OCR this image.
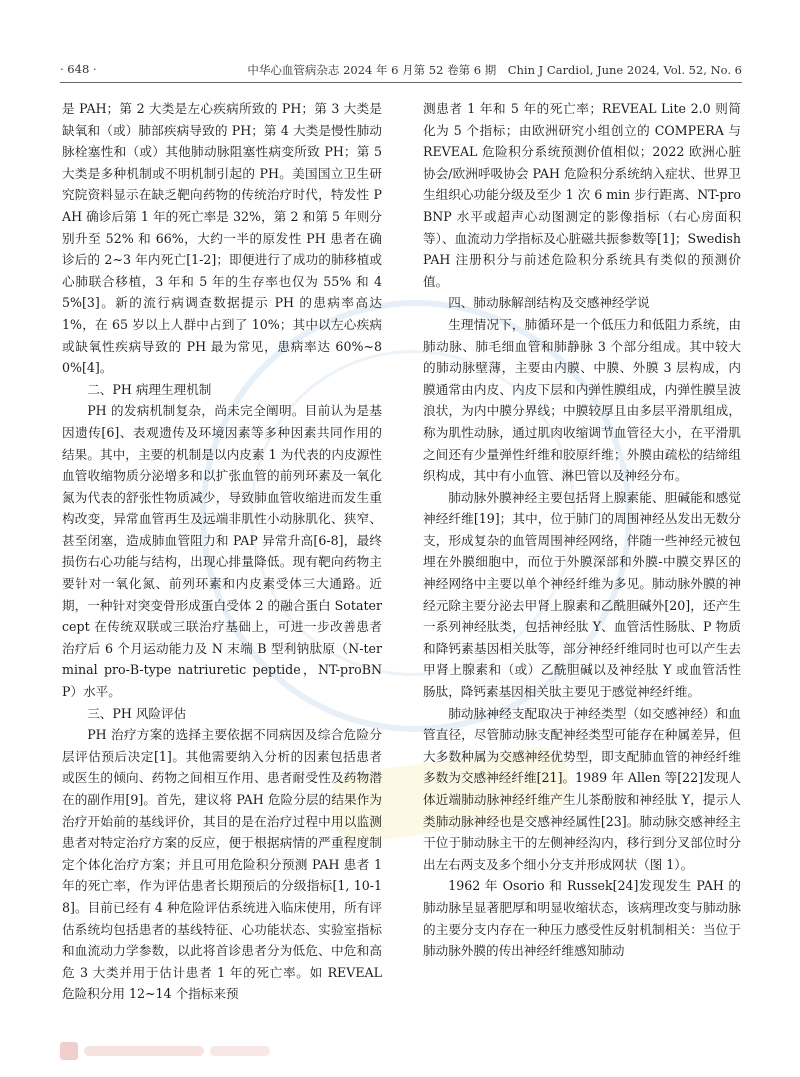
· 648 ·	中华心血管病杂志 2024 年 6 月第 52 卷第 6 期　Chin J Cardiol, June 2024, Vol. 52, No. 6

是 PAH；第 2 大类是左心疾病所致的 PH；第 3 大类是缺氧和（或）肺部疾病导致的 PH；第 4 大类是慢性肺动脉栓塞性和（或）其他肺动脉阻塞性病变所致 PH；第 5 大类是多种机制或不明机制引起的 PH。美国国立卫生研究院资料显示在缺乏靶向药物的传统治疗时代，特发性 PAH 确诊后第 1 年的死亡率是 32%，第 2 和第 5 年则分别升至 52% 和 66%，大约一半的原发性 PH 患者在确诊后的 2~3 年内死亡[1-2]；即便进行了成功的肺移植或心肺联合移植，3 年和 5 年的生存率也仅为 55% 和 45%[3]。新的流行病调查数据提示 PH 的患病率高达 1%，在 65 岁以上人群中占到了 10%；其中以左心疾病或缺氧性疾病导致的 PH 最为常见，患病率达 60%~80%[4]。

二、PH 病理生理机制

PH 的发病机制复杂，尚未完全阐明。目前认为是基因遗传[6]、表观遗传及环境因素等多种因素共同作用的结果。其中，主要的机制是以内皮素 1 为代表的内皮源性血管收缩物质分泌增多和以扩张血管的前列环素及一氧化氮为代表的舒张性物质减少，导致肺血管收缩进而发生重构改变，异常血管再生及远端非肌性小动脉肌化、狭窄、甚至闭塞，造成肺血管阻力和 PAP 异常升高[6-8]，最终损伤右心功能与结构，出现心排量降低。现有靶向药物主要针对一氧化氮、前列环素和内皮素受体三大通路。近期，一种针对突变骨形成蛋白受体 2 的融合蛋白 Sotatercept 在传统双联或三联治疗基础上，可进一步改善患者治疗后 6 个月运动能力及 N 末端 B 型利钠肽原（N-terminal pro-B-type natriuretic peptide，NT-proBNP）水平。

三、PH 风险评估

PH 治疗方案的选择主要依据不同病因及综合危险分层评估预后决定[1]。其他需要纳入分析的因素包括患者或医生的倾向、药物之间相互作用、患者耐受性及药物潜在的副作用[9]。首先，建议将 PAH 危险分层的结果作为治疗开始前的基线评价，其目的是在治疗过程中用以监测患者对特定治疗方案的反应，便于根据病情的严重程度制定个体化治疗方案；并且可用危险积分预测 PAH 患者 1 年的死亡率，作为评估患者长期预后的分级指标[1, 10-18]。目前已经有 4 种危险评估系统进入临床使用，所有评估系统均包括患者的基线特征、心功能状态、实验室指标和血流动力学参数，以此将首诊患者分为低危、中危和高危 3 大类并用于估计患者 1 年的死亡率。如 REVEAL 危险积分用 12~14 个指标来预

测患者 1 年和 5 年的死亡率；REVEAL Lite 2.0 则简化为 5 个指标；由欧洲研究小组创立的 COMPERA 与 REVEAL 危险积分系统预测价值相似；2022 欧洲心脏协会/欧洲呼吸协会 PAH 危险积分系统纳入症状、世界卫生组织心功能分级及至少 1 次 6 min 步行距离、NT-proBNP 水平或超声心动图测定的影像指标（右心房面积等）、血流动力学指标及心脏磁共振参数等[1]；Swedish PAH 注册积分与前述危险积分系统具有类似的预测价值。

四、肺动脉解剖结构及交感神经学说

生理情况下，肺循环是一个低压力和低阻力系统，由肺动脉、肺毛细血管和肺静脉 3 个部分组成。其中较大的肺动脉壁薄，主要由内膜、中膜、外膜 3 层构成，内膜通常由内皮、内皮下层和内弹性膜组成，内弹性膜呈波浪状，为内中膜分界线；中膜较厚且由多层平滑肌组成，称为肌性动脉，通过肌肉收缩调节血管径大小，在平滑肌之间还有少量弹性纤维和胶原纤维；外膜由疏松的结缔组织构成，其中有小血管、淋巴管以及神经分布。

肺动脉外膜神经主要包括肾上腺素能、胆碱能和感觉神经纤维[19]；其中，位于肺门的周围神经丛发出无数分支，形成复杂的血管周围神经网络，伴随一些神经元被包埋在外膜细胞中，而位于外膜深部和外膜-中膜交界区的神经网络中主要以单个神经纤维为多见。肺动脉外膜的神经元除主要分泌去甲肾上腺素和乙酰胆碱外[20]，还产生一系列神经肽类，包括神经肽 Y、血管活性肠肽、P 物质和降钙素基因相关肽等，部分神经纤维同时也可以产生去甲肾上腺素和（或）乙酰胆碱以及神经肽 Y 或血管活性肠肽，降钙素基因相关肽主要见于感觉神经纤维。

肺动脉神经支配取决于神经类型（如交感神经）和血管直径，尽管肺动脉支配神经类型可能存在种属差异，但大多数种属为交感神经优势型，即支配肺血管的神经纤维多数为交感神经纤维[21]。1989 年 Allen 等[22]发现人体近端肺动脉神经纤维产生儿茶酚胺和神经肽 Y，提示人类肺动脉神经也是交感神经属性[23]。肺动脉交感神经主干位于肺动脉主干的左侧神经沟内，移行到分叉部位时分出左右两支及多个细小分支并形成网状（图 1）。

1962 年 Osorio 和 Russek[24]发现发生 PAH 的肺动脉呈显著肥厚和明显收缩状态，该病理改变与肺动脉的主要分支内存在一种压力感受性反射机制相关：当位于肺动脉外膜的传出神经纤维感知肺动
